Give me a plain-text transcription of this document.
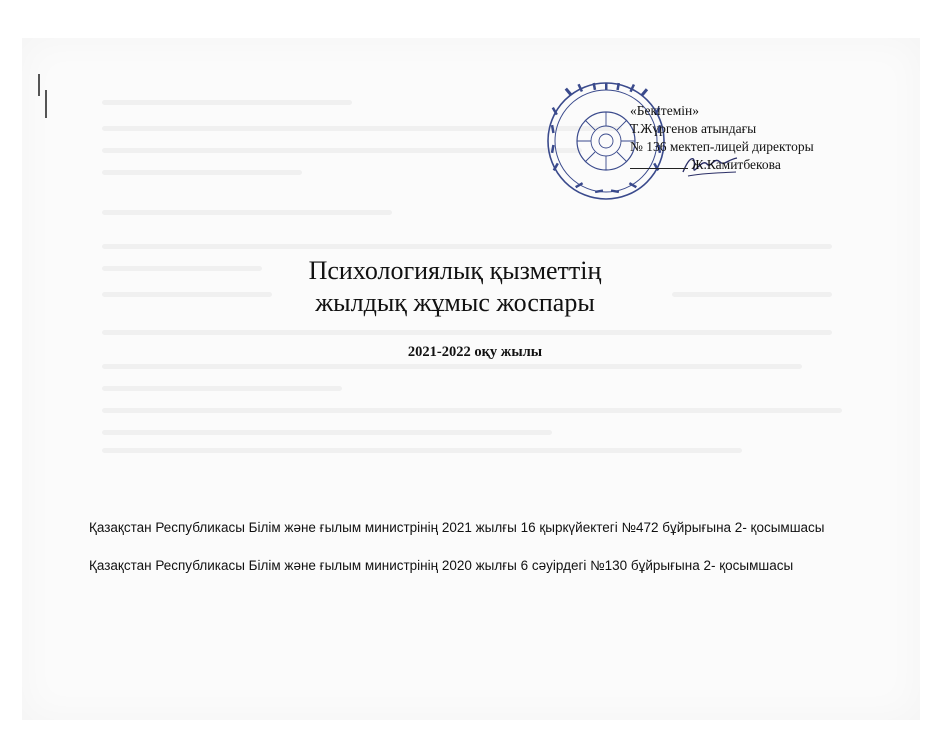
«Бекітемін»
Т.Жүргенов атындағы
№ 136 мектеп-лицей директоры
Ж.Камитбекова
Психологиялық қызметтің
жылдық жұмыс жоспары
2021-2022 оқу жылы
Қазақстан Республикасы Білім және ғылым министрінің 2021 жылғы 16 қыркүйектегі №472 бұйрығына 2- қосымшасы
Қазақстан Республикасы Білім және ғылым министрінің 2020 жылғы 6 сәуірдегі №130 бұйрығына 2- қосымшасы
